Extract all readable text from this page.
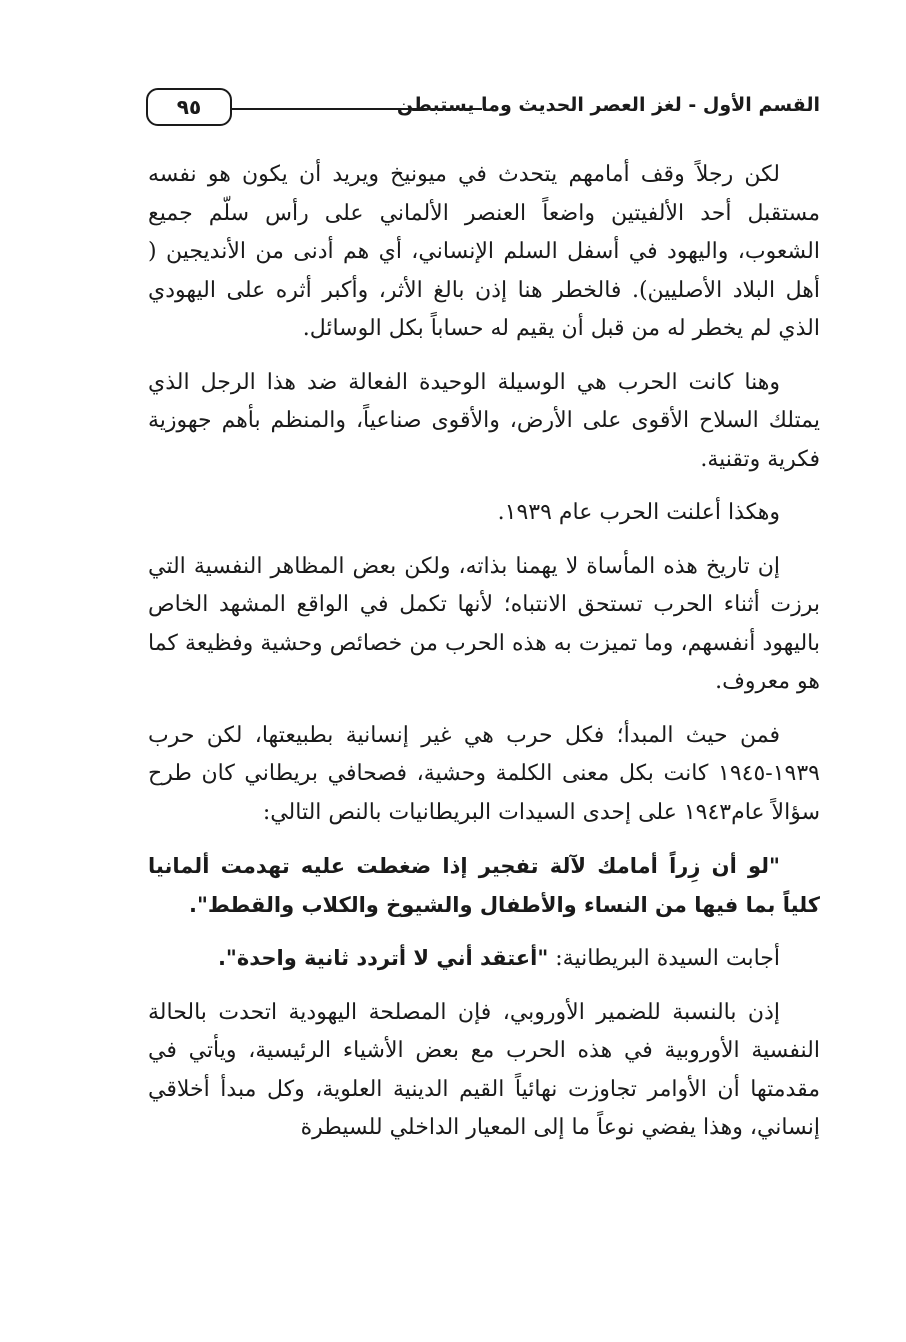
القسم الأول - لغز العصر الحديث وما يستبطن
٩٥

لكن رجلاً وقف أمامهم يتحدث في ميونيخ ويريد أن يكون هو نفسه مستقبل أحد الألفيتين واضعاً العنصر الألماني على رأس سلّم جميع الشعوب، واليهود في أسفل السلم الإنساني، أي هم أدنى من الأنديجين ( أهل البلاد الأصليين). فالخطر هنا إذن بالغ الأثر، وأكبر أثره على اليهودي الذي لم يخطر له من قبل أن يقيم له حساباً بكل الوسائل.

وهنا كانت الحرب هي الوسيلة الوحيدة الفعالة ضد هذا الرجل الذي يمتلك السلاح الأقوى على الأرض، والأقوى صناعياً، والمنظم بأهم جهوزية فكرية وتقنية.

وهكذا أعلنت الحرب عام ١٩٣٩.

إن تاريخ هذه المأساة لا يهمنا بذاته، ولكن بعض المظاهر النفسية التي برزت أثناء الحرب تستحق الانتباه؛ لأنها تكمل في الواقع المشهد الخاص باليهود أنفسهم، وما تميزت به هذه الحرب من خصائص وحشية وفظيعة كما هو معروف.

فمن حيث المبدأ؛ فكل حرب هي غير إنسانية بطبيعتها، لكن حرب ١٩٣٩-١٩٤٥ كانت بكل معنى الكلمة وحشية، فصحافي بريطاني كان طرح سؤالاً عام١٩٤٣ على إحدى السيدات البريطانيات بالنص التالي:

"لو أن زِراً أمامك لآلة تفجير إذا ضغطت عليه تهدمت ألمانيا كلياً بما فيها من النساء والأطفال والشيوخ والكلاب والقطط".

أجابت السيدة البريطانية: "أعتقد أني لا أتردد ثانية واحدة".

إذن بالنسبة للضمير الأوروبي، فإن المصلحة اليهودية اتحدت بالحالة النفسية الأوروبية في هذه الحرب مع بعض الأشياء الرئيسية، ويأتي في مقدمتها أن الأوامر تجاوزت نهائياً القيم الدينية العلوية، وكل مبدأ أخلاقي إنساني، وهذا يفضي نوعاً ما إلى المعيار الداخلي للسيطرة
